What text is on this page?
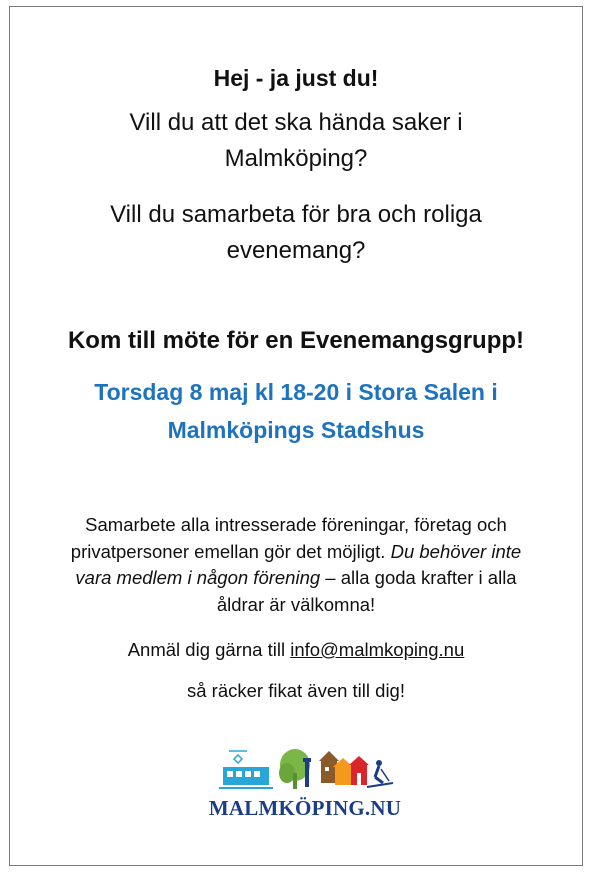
Hej - ja just du!
Vill du att det ska hända saker i
Malmköping?
Vill du samarbeta för bra och roliga
evenemang?
Kom till möte för en Evenemangsgrupp!
Torsdag 8 maj kl 18-20 i Stora Salen i
Malmköpings Stadshus
Samarbete alla intresserade föreningar, företag och
privatpersoner emellan gör det möjligt. Du behöver inte
vara medlem i någon förening – alla goda krafter i alla
åldrar är välkomna!
Anmäl dig gärna till info@malmkoping.nu
så räcker fikat även till dig!
MALMKÖPING.NU
